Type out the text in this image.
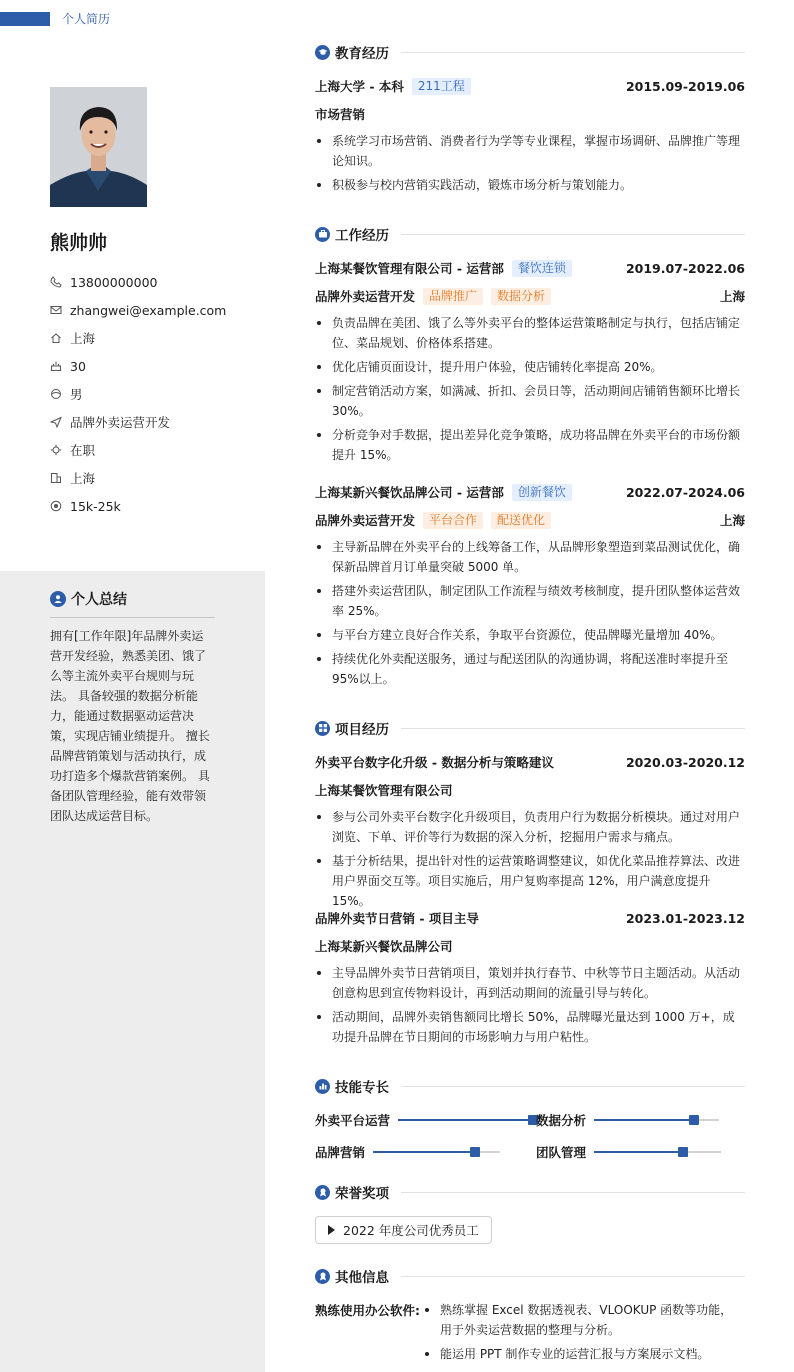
个人简历
熊帅帅
13800000000
zhangwei@example.com
上海
30
男
品牌外卖运营开发
在职
上海
15k-25k
个人总结
拥有[工作年限]年品牌外卖运营开发经验，熟悉美团、饿了么等主流外卖平台规则与玩法。 具备较强的数据分析能力，能通过数据驱动运营决策，实现店铺业绩提升。 擅长品牌营销策划与活动执行，成功打造多个爆款营销案例。 具备团队管理经验，能有效带领团队达成运营目标。
教育经历
上海大学 - 本科	211工程	2015.09-2019.06
市场营销
系统学习市场营销、消费者行为学等专业课程，掌握市场调研、品牌推广等理论知识。
积极参与校内营销实践活动，锻炼市场分析与策划能力。
工作经历
上海某餐饮管理有限公司 - 运营部	餐饮连锁	2019.07-2022.06
品牌外卖运营开发	品牌推广	数据分析	上海
负责品牌在美团、饿了么等外卖平台的整体运营策略制定与执行，包括店铺定位、菜品规划、价格体系搭建。
优化店铺页面设计，提升用户体验，使店铺转化率提高 20%。
制定营销活动方案，如满减、折扣、会员日等，活动期间店铺销售额环比增长 30%。
分析竞争对手数据，提出差异化竞争策略，成功将品牌在外卖平台的市场份额提升 15%。
上海某新兴餐饮品牌公司 - 运营部	创新餐饮	2022.07-2024.06
品牌外卖运营开发	平台合作	配送优化	上海
主导新品牌在外卖平台的上线筹备工作，从品牌形象塑造到菜品测试优化，确保新品牌首月订单量突破 5000 单。
搭建外卖运营团队，制定团队工作流程与绩效考核制度，提升团队整体运营效率 25%。
与平台方建立良好合作关系，争取平台资源位，使品牌曝光量增加 40%。
持续优化外卖配送服务，通过与配送团队的沟通协调，将配送准时率提升至 95%以上。
项目经历
外卖平台数字化升级 - 数据分析与策略建议	2020.03-2020.12
上海某餐饮管理有限公司
参与公司外卖平台数字化升级项目，负责用户行为数据分析模块。通过对用户浏览、下单、评价等行为数据的深入分析，挖掘用户需求与痛点。
基于分析结果，提出针对性的运营策略调整建议，如优化菜品推荐算法、改进用户界面交互等。项目实施后，用户复购率提高 12%，用户满意度提升 15%。
品牌外卖节日营销 - 项目主导	2023.01-2023.12
上海某新兴餐饮品牌公司
主导品牌外卖节日营销项目，策划并执行春节、中秋等节日主题活动。从活动创意构思到宣传物料设计，再到活动期间的流量引导与转化。
活动期间，品牌外卖销售额同比增长 50%，品牌曝光量达到 1000 万+，成功提升品牌在节日期间的市场影响力与用户粘性。
技能专长
外卖平台运营	数据分析
品牌营销	团队管理
荣誉奖项
2022 年度公司优秀员工
其他信息
熟练使用办公软件:	熟练掌握 Excel 数据透视表、VLOOKUP 函数等功能，用于外卖运营数据的整理与分析。
能运用 PPT 制作专业的运营汇报与方案展示文档。
